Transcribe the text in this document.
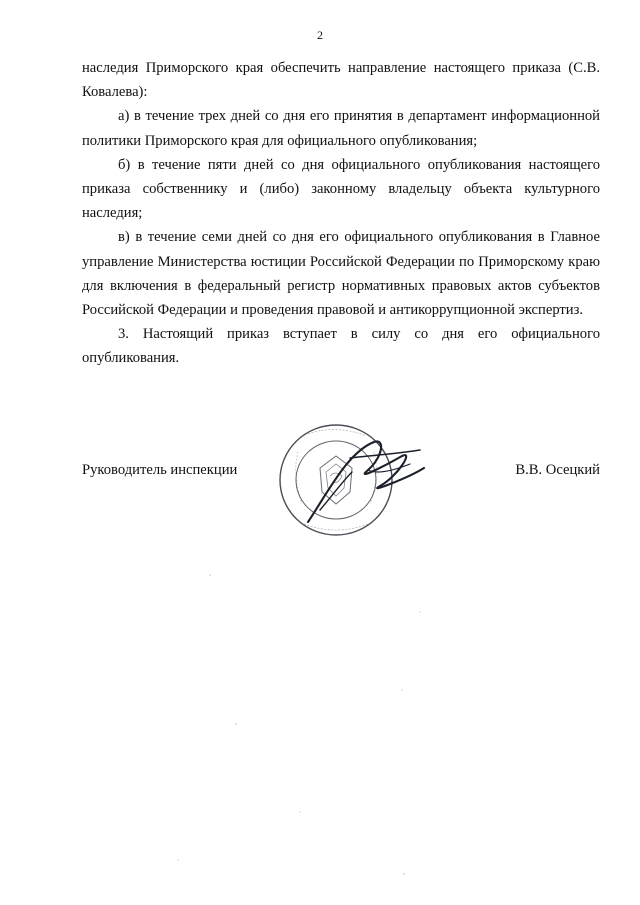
2

наследия Приморского края обеспечить направление настоящего приказа (С.В. Ковалева):

а) в течение трех дней со дня его принятия в департамент информационной политики Приморского края для официального опубликования;

б) в течение пяти дней со дня официального опубликования настоящего приказа собственнику и (либо) законному владельцу объекта культурного наследия;

в) в течение семи дней со дня его официального опубликования в Главное управление Министерства юстиции Российской Федерации по Приморскому краю для включения в федеральный регистр нормативных правовых актов субъектов Российской Федерации и проведения правовой и антикоррупционной экспертиз.

3. Настоящий приказ вступает в силу со дня его официального опубликования.

Руководитель инспекции	В.В. Осецкий
